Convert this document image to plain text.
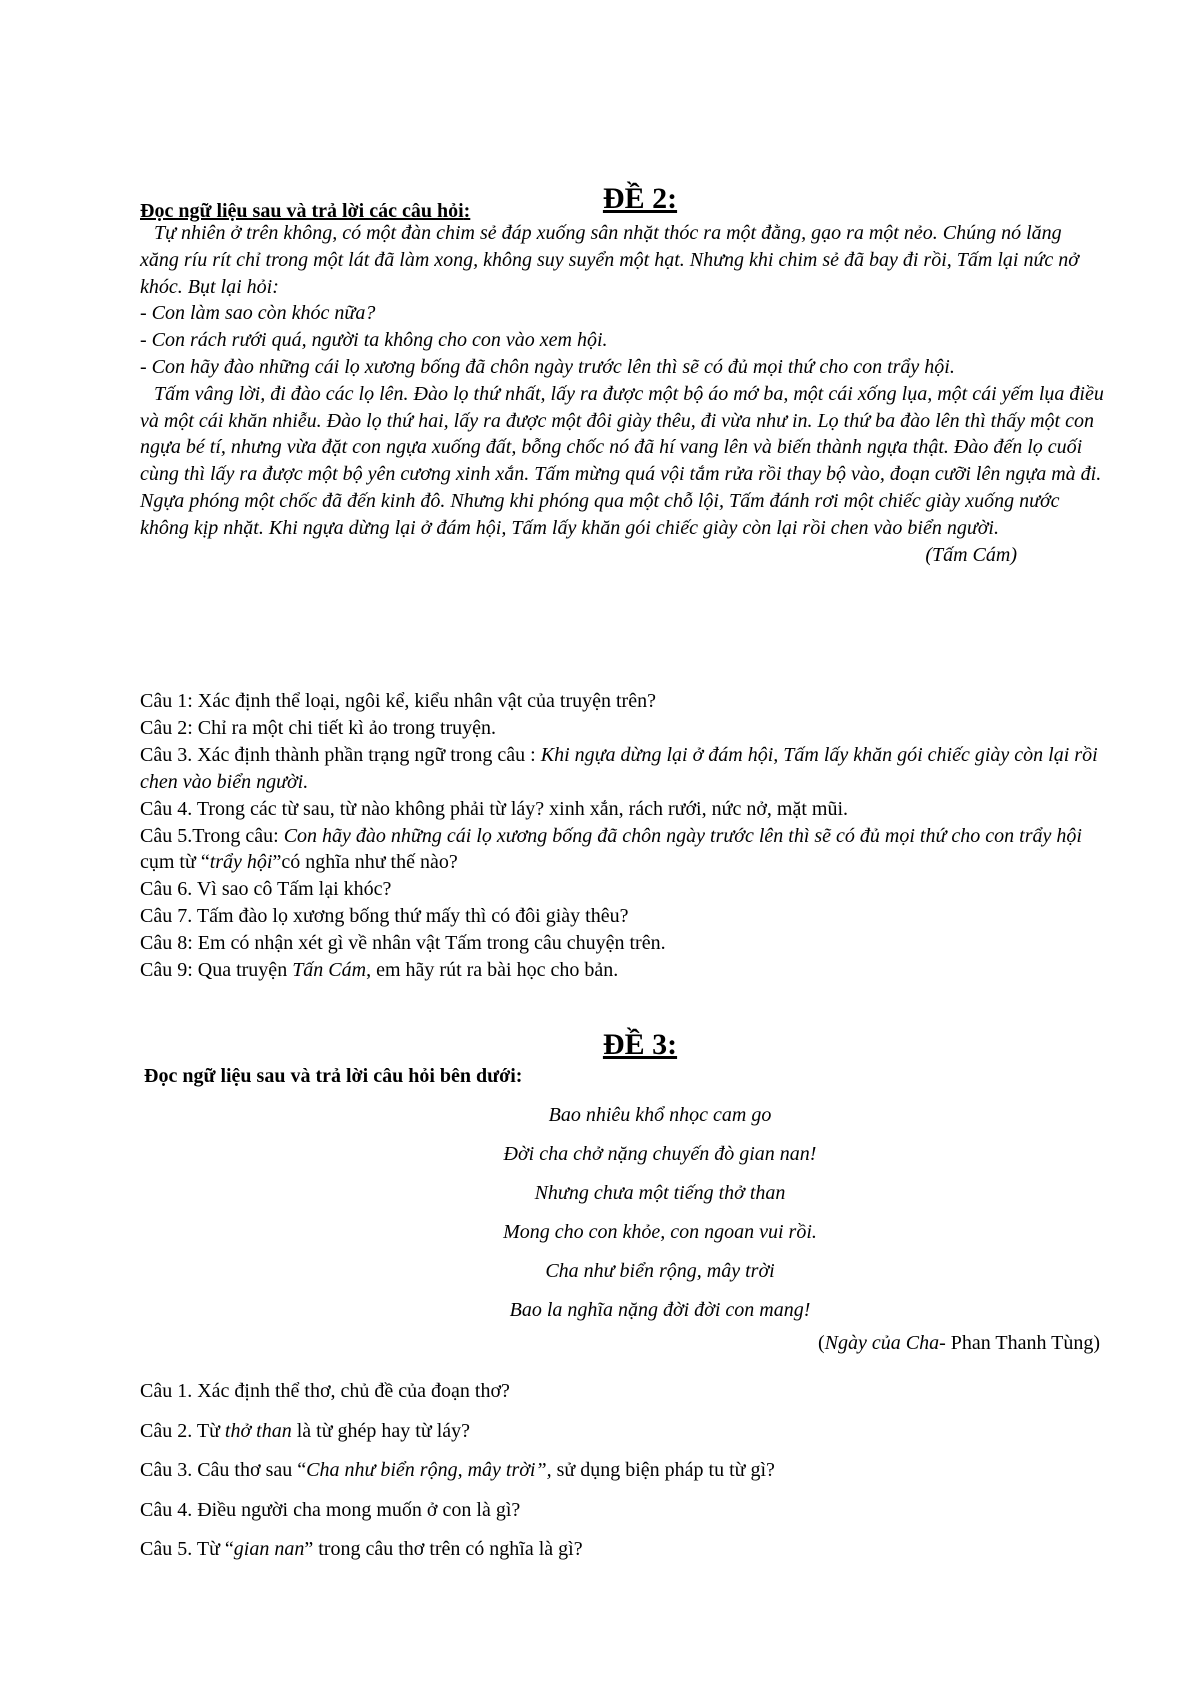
ĐỀ 2:

Đọc ngữ liệu sau và trả lời các câu hỏi:

Tự nhiên ở trên không, có một đàn chim sẻ đáp xuống sân nhặt thóc ra một đằng, gạo ra một nẻo. Chúng nó lăng xăng ríu rít chỉ trong một lát đã làm xong, không suy suyển một hạt. Nhưng khi chim sẻ đã bay đi rồi, Tấm lại nức nở khóc. Bụt lại hỏi:

- Con làm sao còn khóc nữa?

- Con rách rưới quá, người ta không cho con vào xem hội.

- Con hãy đào những cái lọ xương bống đã chôn ngày trước lên thì sẽ có đủ mọi thứ cho con trẩy hội.

Tấm vâng lời, đi đào các lọ lên. Đào lọ thứ nhất, lấy ra được một bộ áo mớ ba, một cái xống lụa, một cái yếm lụa điều và một cái khăn nhiễu. Đào lọ thứ hai, lấy ra được một đôi giày thêu, đi vừa như in. Lọ thứ ba đào lên thì thấy một con ngựa bé tí, nhưng vừa đặt con ngựa xuống đất, bỗng chốc nó đã hí vang lên và biến thành ngựa thật. Đào đến lọ cuối cùng thì lấy ra được một bộ yên cương xinh xắn. Tấm mừng quá vội tắm rửa rồi thay bộ vào, đoạn cưỡi lên ngựa mà đi. Ngựa phóng một chốc đã đến kinh đô. Nhưng khi phóng qua một chỗ lội, Tấm đánh rơi một chiếc giày xuống nước không kịp nhặt. Khi ngựa dừng lại ở đám hội, Tấm lấy khăn gói chiếc giày còn lại rồi chen vào biển người.

(Tấm Cám)

Câu 1: Xác định thể loại, ngôi kể, kiểu nhân vật của truyện trên?

Câu 2: Chỉ ra một chi tiết kì ảo trong truyện.

Câu 3. Xác định thành phần trạng ngữ trong câu : Khi ngựa dừng lại ở đám hội, Tấm lấy khăn gói chiếc giày còn lại rồi chen vào biển người.

Câu 4. Trong các từ sau, từ nào không phải từ láy? xinh xắn, rách rưới, nức nở, mặt mũi.

Câu 5.Trong câu: Con hãy đào những cái lọ xương bống đã chôn ngày trước lên thì sẽ có đủ mọi thứ cho con trẩy hội cụm từ “trẩy hội”có nghĩa như thế nào?

Câu 6. Vì sao cô Tấm lại khóc?

Câu 7. Tấm đào lọ xương bống thứ mấy thì có đôi giày thêu?

Câu 8: Em có nhận xét gì về nhân vật Tấm trong câu chuyện trên.

Câu 9: Qua truyện Tấn Cám, em hãy rút ra bài học cho bản.

ĐỀ 3:

Đọc ngữ liệu sau và trả lời câu hỏi bên dưới:

Bao nhiêu khổ nhọc cam go

Đời cha chở nặng chuyến đò gian nan!

Nhưng chưa một tiếng thở than

Mong cho con khỏe, con ngoan vui rồi.

Cha như biển rộng, mây trời

Bao la nghĩa nặng đời đời con mang!

(Ngày của Cha- Phan Thanh Tùng)

Câu 1. Xác định thể thơ, chủ đề của đoạn thơ?

Câu 2. Từ thở than là từ ghép hay từ láy?

Câu 3. Câu thơ sau “Cha như biển rộng, mây trời”, sử dụng biện pháp tu từ gì?

Câu 4. Điều người cha mong muốn ở con là gì?

Câu 5. Từ “gian nan” trong câu thơ trên có nghĩa là gì?
